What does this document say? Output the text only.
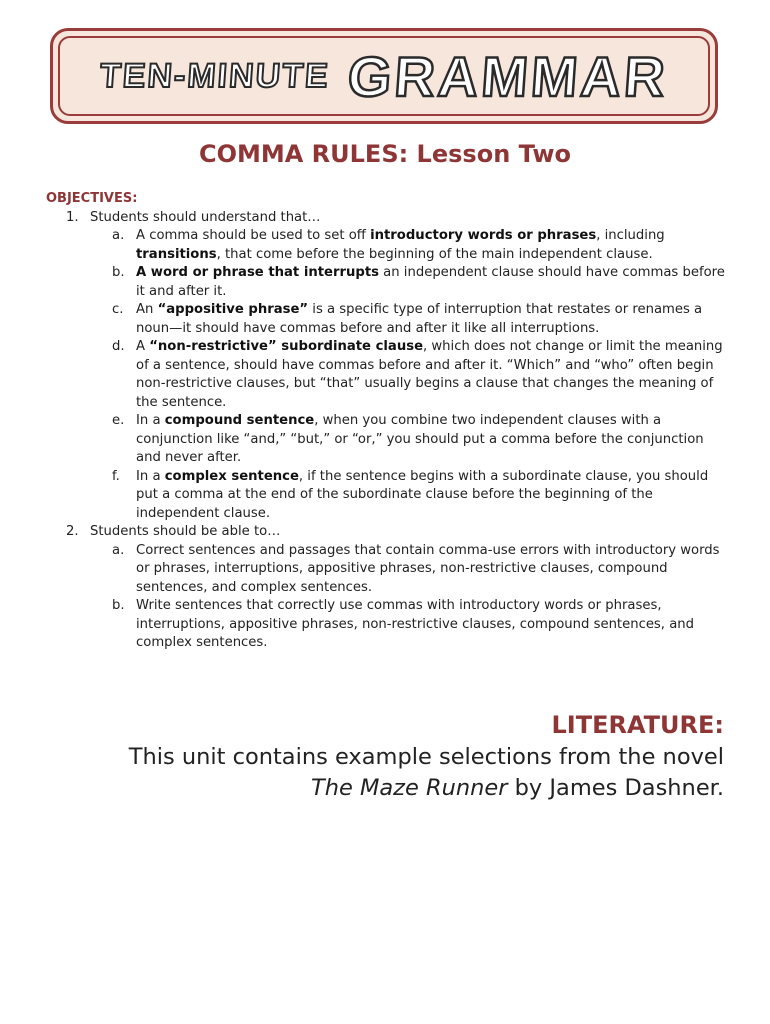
TEN-MINUTE GRAMMAR
COMMA RULES: Lesson Two
OBJECTIVES:
1. Students should understand that…
a. A comma should be used to set off introductory words or phrases, including transitions, that come before the beginning of the main independent clause.
b. A word or phrase that interrupts an independent clause should have commas before it and after it.
c. An “appositive phrase” is a specific type of interruption that restates or renames a noun—it should have commas before and after it like all interruptions.
d. A “non-restrictive” subordinate clause, which does not change or limit the meaning of a sentence, should have commas before and after it. “Which” and “who” often begin non-restrictive clauses, but “that” usually begins a clause that changes the meaning of the sentence.
e. In a compound sentence, when you combine two independent clauses with a conjunction like “and,” “but,” or “or,” you should put a comma before the conjunction and never after.
f. In a complex sentence, if the sentence begins with a subordinate clause, you should put a comma at the end of the subordinate clause before the beginning of the independent clause.
2. Students should be able to…
a. Correct sentences and passages that contain comma-use errors with introductory words or phrases, interruptions, appositive phrases, non-restrictive clauses, compound sentences, and complex sentences.
b. Write sentences that correctly use commas with introductory words or phrases, interruptions, appositive phrases, non-restrictive clauses, compound sentences, and complex sentences.
LITERATURE:
This unit contains example selections from the novel The Maze Runner by James Dashner.
